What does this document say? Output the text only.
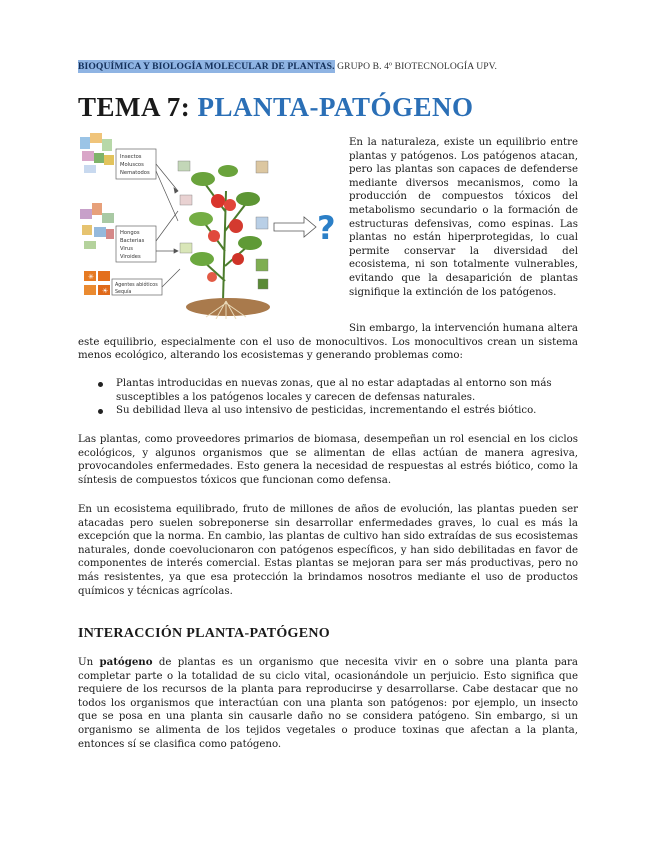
BIOQUÍMICA Y BIOLOGÍA MOLECULAR DE PLANTAS. GRUPO B. 4º BIOTECNOLOGÍA UPV.
TEMA 7: PLANTA-PATÓGENO
✳
☀
Insectos
Moluscos
Nematodos
Hongos
Bacterias
Virus
Viroides
Agentes abióticos
Sequía
?

En la naturaleza, existe un equilibrio entre plantas y patógenos. Los patógenos atacan, pero las plantas son capaces de defenderse mediante diversos mecanismos, como la producción de compuestos tóxicos del metabolismo secundario o la formación de estructuras defensivas, como espinas. Las plantas no están hiperprotegidas, lo cual permite conservar la diversidad del ecosistema, ni son totalmente vulnerables, evitando que la desaparición de plantas signifique la extinción de los patógenos.

Sin embargo, la intervención humana altera este equilibrio, especialmente con el uso de monocultivos. Los monocultivos crean un sistema menos ecológico, alterando los ecosistemas y generando problemas como:

Plantas introducidas en nuevas zonas, que al no estar adaptadas al entorno son más susceptibles a los patógenos locales y carecen de defensas naturales.
Su debilidad lleva al uso intensivo de pesticidas, incrementando el estrés biótico.

Las plantas, como proveedores primarios de biomasa, desempeñan un rol esencial en los ciclos ecológicos, y algunos organismos que se alimentan de ellas actúan de manera agresiva, provocandoles enfermedades. Esto genera la necesidad de respuestas al estrés biótico, como la síntesis de compuestos tóxicos que funcionan como defensa.

En un ecosistema equilibrado, fruto de millones de años de evolución, las plantas pueden ser atacadas pero suelen sobreponerse sin desarrollar enfermedades graves, lo cual es más la excepción que la norma. En cambio, las plantas de cultivo han sido extraídas de sus ecosistemas naturales, donde coevolucionaron con patógenos específicos, y han sido debilitadas en favor de componentes de interés comercial. Estas plantas se mejoran para ser más productivas, pero no más resistentes, ya que esa protección la brindamos nosotros mediante el uso de productos químicos y técnicas agrícolas.

INTERACCIÓN PLANTA-PATÓGENO

Un patógeno de plantas es un organismo que necesita vivir en o sobre una planta para completar parte o la totalidad de su ciclo vital, ocasionándole un perjuicio. Esto significa que requiere de los recursos de la planta para reproducirse y desarrollarse. Cabe destacar que no todos los organismos que interactúan con una planta son patógenos: por ejemplo, un insecto que se posa en una planta sin causarle daño no se considera patógeno. Sin embargo, si un organismo se alimenta de los tejidos vegetales o produce toxinas que afectan a la planta, entonces sí se clasifica como patógeno.
